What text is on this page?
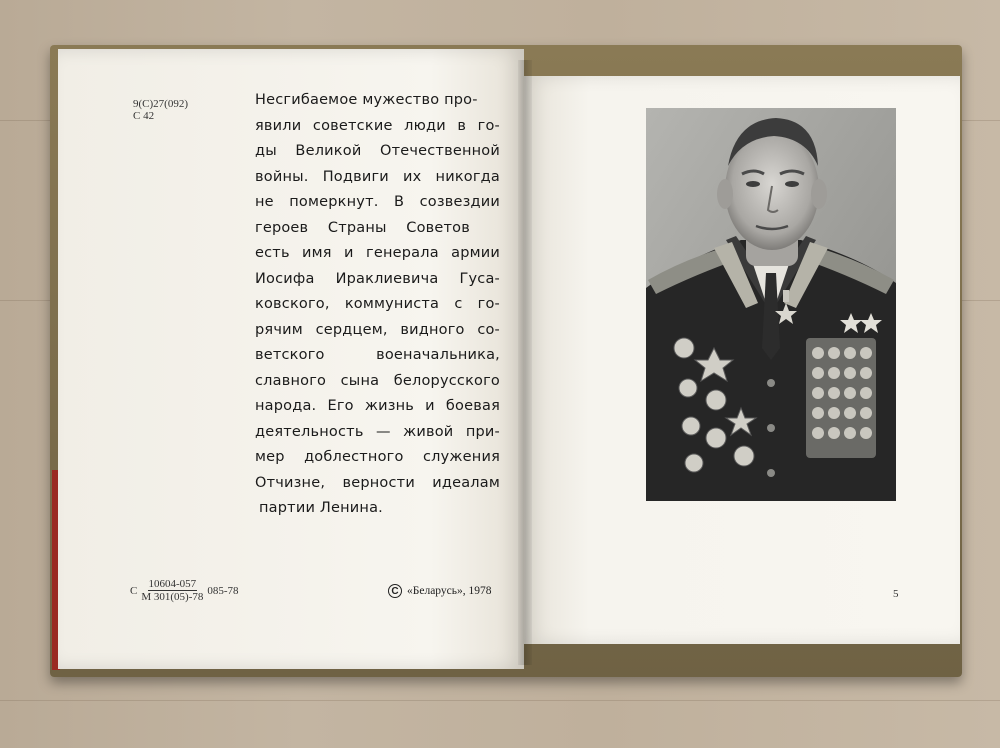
9(С)27(092)
С 42
Несгибаемое мужество про-
явили советские люди в го-
ды Великой Отечественной
войны. Подвиги их никогда
не померкнут. В созвездии
героев Страны Советов
есть имя и генерала армии
Иосифа Ираклиевича Гуса-
ковского, коммуниста с го-
рячим сердцем, видного со-
ветского военачальника,
славного сына белорусского
народа. Его жизнь и боевая
деятельность — живой при-
мер доблестного служения
Отчизне, верности идеалам
партии Ленина.
С $\frac{10604-057}{М 301(05)-78} 085-78$	C «Беларусь», 1978	5
